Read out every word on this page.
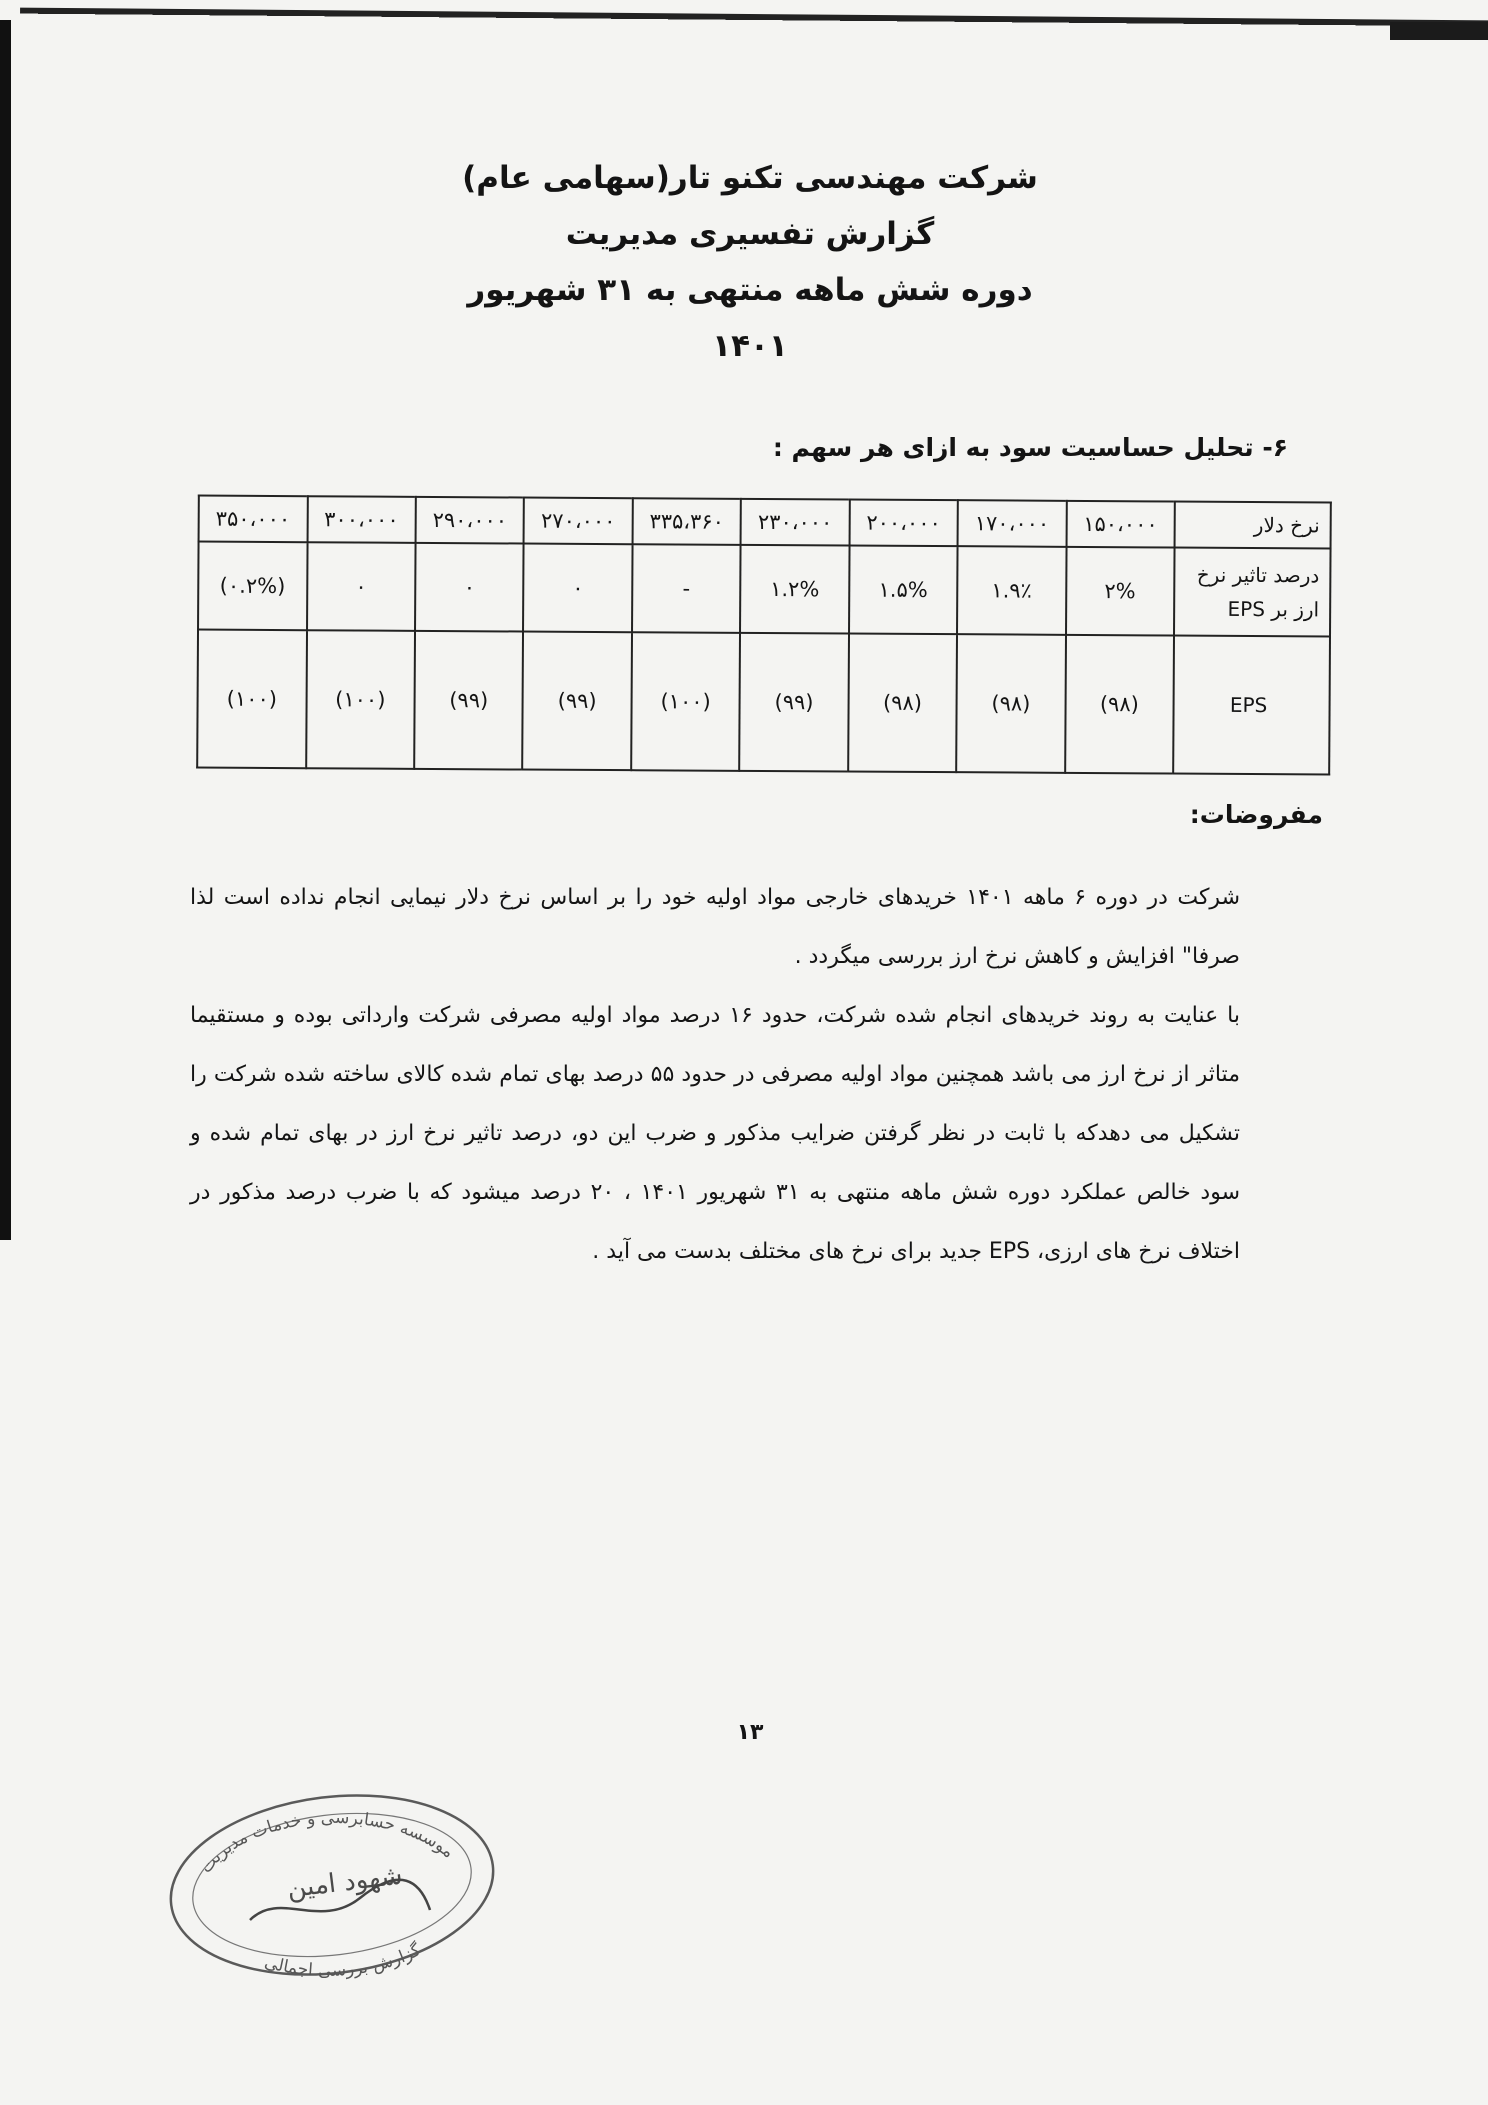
شرکت مهندسی تکنو تار(سهامی عام)
گزارش تفسیری مدیریت
دوره شش ماهه منتهی به ۳۱ شهریور ۱۴۰۱
۶- تحلیل حساسیت سود به ازای هر سهم :
نرخ دلار	۱۵۰،۰۰۰	۱۷۰،۰۰۰	۲۰۰،۰۰۰	۲۳۰،۰۰۰	۳۳۵،۳۶۰	۲۷۰،۰۰۰	۲۹۰،۰۰۰	۳۰۰،۰۰۰	۳۵۰،۰۰۰
درصد تاثیر نرخ
ارز بر EPS	۲%	۱.۹٪	۱.۵%	۱.۲%	-	۰	۰	۰	(۰.۲%)
EPS	(۹۸)	(۹۸)	(۹۸)	(۹۹)	(۱۰۰)	(۹۹)	(۹۹)	(۱۰۰)	(۱۰۰)
مفروضات:

شرکت در دوره ۶ ماهه ۱۴۰۱ خریدهای خارجی مواد اولیه خود را بر اساس نرخ دلار نیمایی انجام نداده است لذا صرفا" افزایش و کاهش نرخ ارز بررسی میگردد .

با عنایت به روند خریدهای انجام شده شرکت، حدود ۱۶ درصد مواد اولیه مصرفی شرکت وارداتی بوده و مستقیما متاثر از نرخ ارز می باشد همچنین مواد اولیه مصرفی در حدود ۵۵ درصد بهای تمام شده کالای ساخته شده شرکت را تشکیل می دهدکه با ثابت در نظر گرفتن ضرایب مذکور و ضرب این دو، درصد تاثیر نرخ ارز در بهای تمام شده و سود خالص عملکرد دوره شش ماهه منتهی به ۳۱ شهریور ۱۴۰۱ ، ۲۰ درصد میشود که با ضرب درصد مذکور در اختلاف نرخ های ارزی، EPS جدید برای نرخ های مختلف بدست می آید .

۱۳
موسسه حسابرسی و خدمات مدیریت
شهود امین
گزارش بررسی اجمالی
